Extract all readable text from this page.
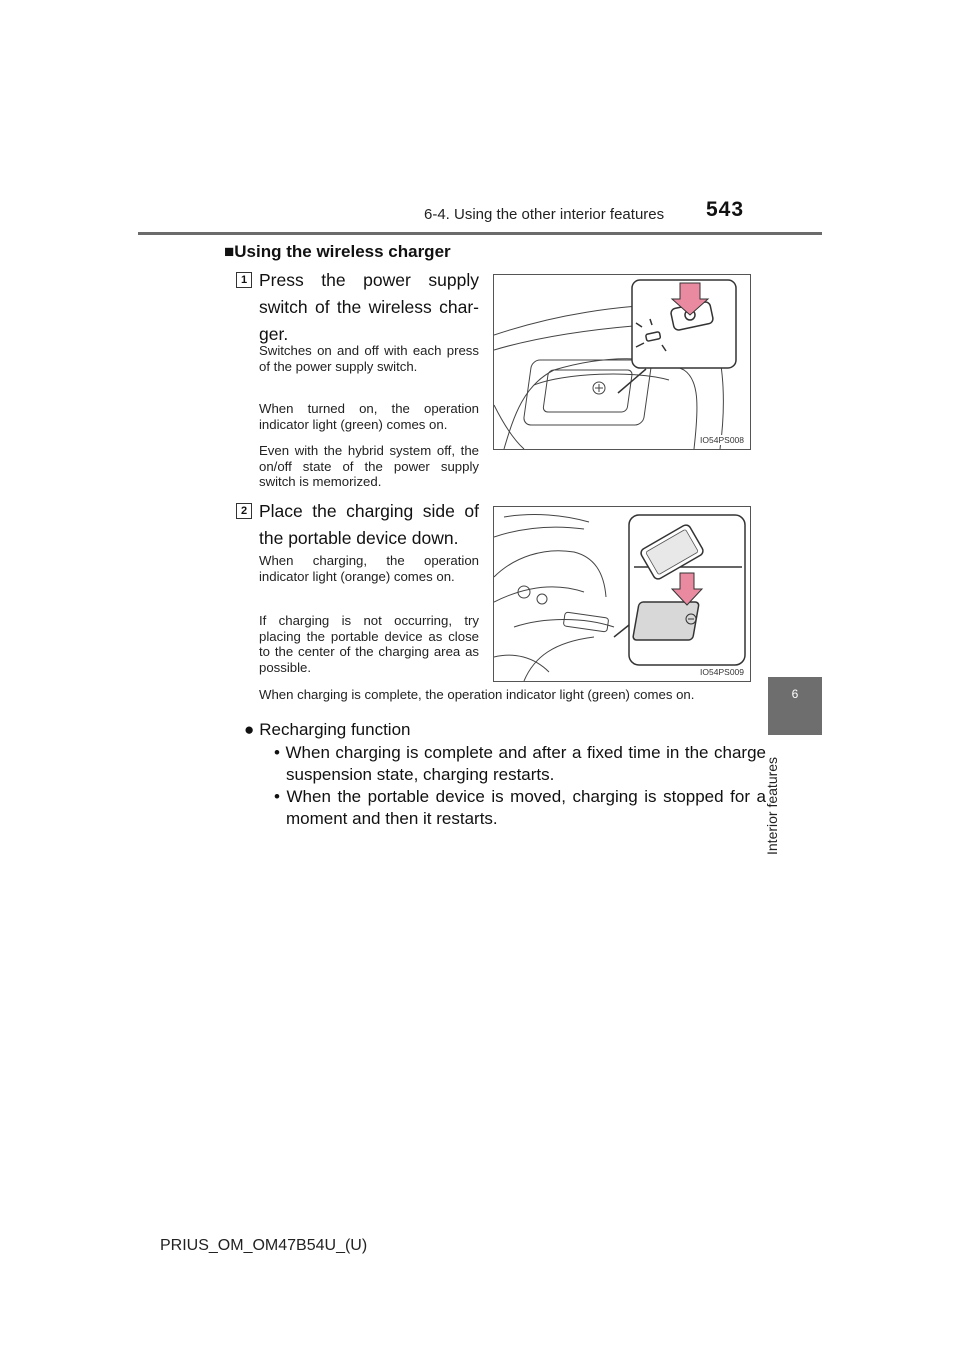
6-4. Using the other interior features 543
6
Interior features
■Using the wireless charger
1 Press the power supply switch of the wireless char-ger.

Switches on and off with each press of the power supply switch.

When turned on, the operation indicator light (green) comes on.

Even with the hybrid system off, the on/off state of the power supply switch is memorized.

IO54PS008
2 Place the charging side of the portable device down.

When charging, the operation indicator light (orange) comes on.

If charging is not occurring, try placing the portable device as close to the center of the charging area as possible.

When charging is complete, the operation indicator light (green) comes on.

IO54PS009
● Recharging function
• When charging is complete and after a fixed time in the charge suspension state, charging restarts.
• When the portable device is moved, charging is stopped for a moment and then it restarts.
PRIUS_OM_OM47B54U_(U)
